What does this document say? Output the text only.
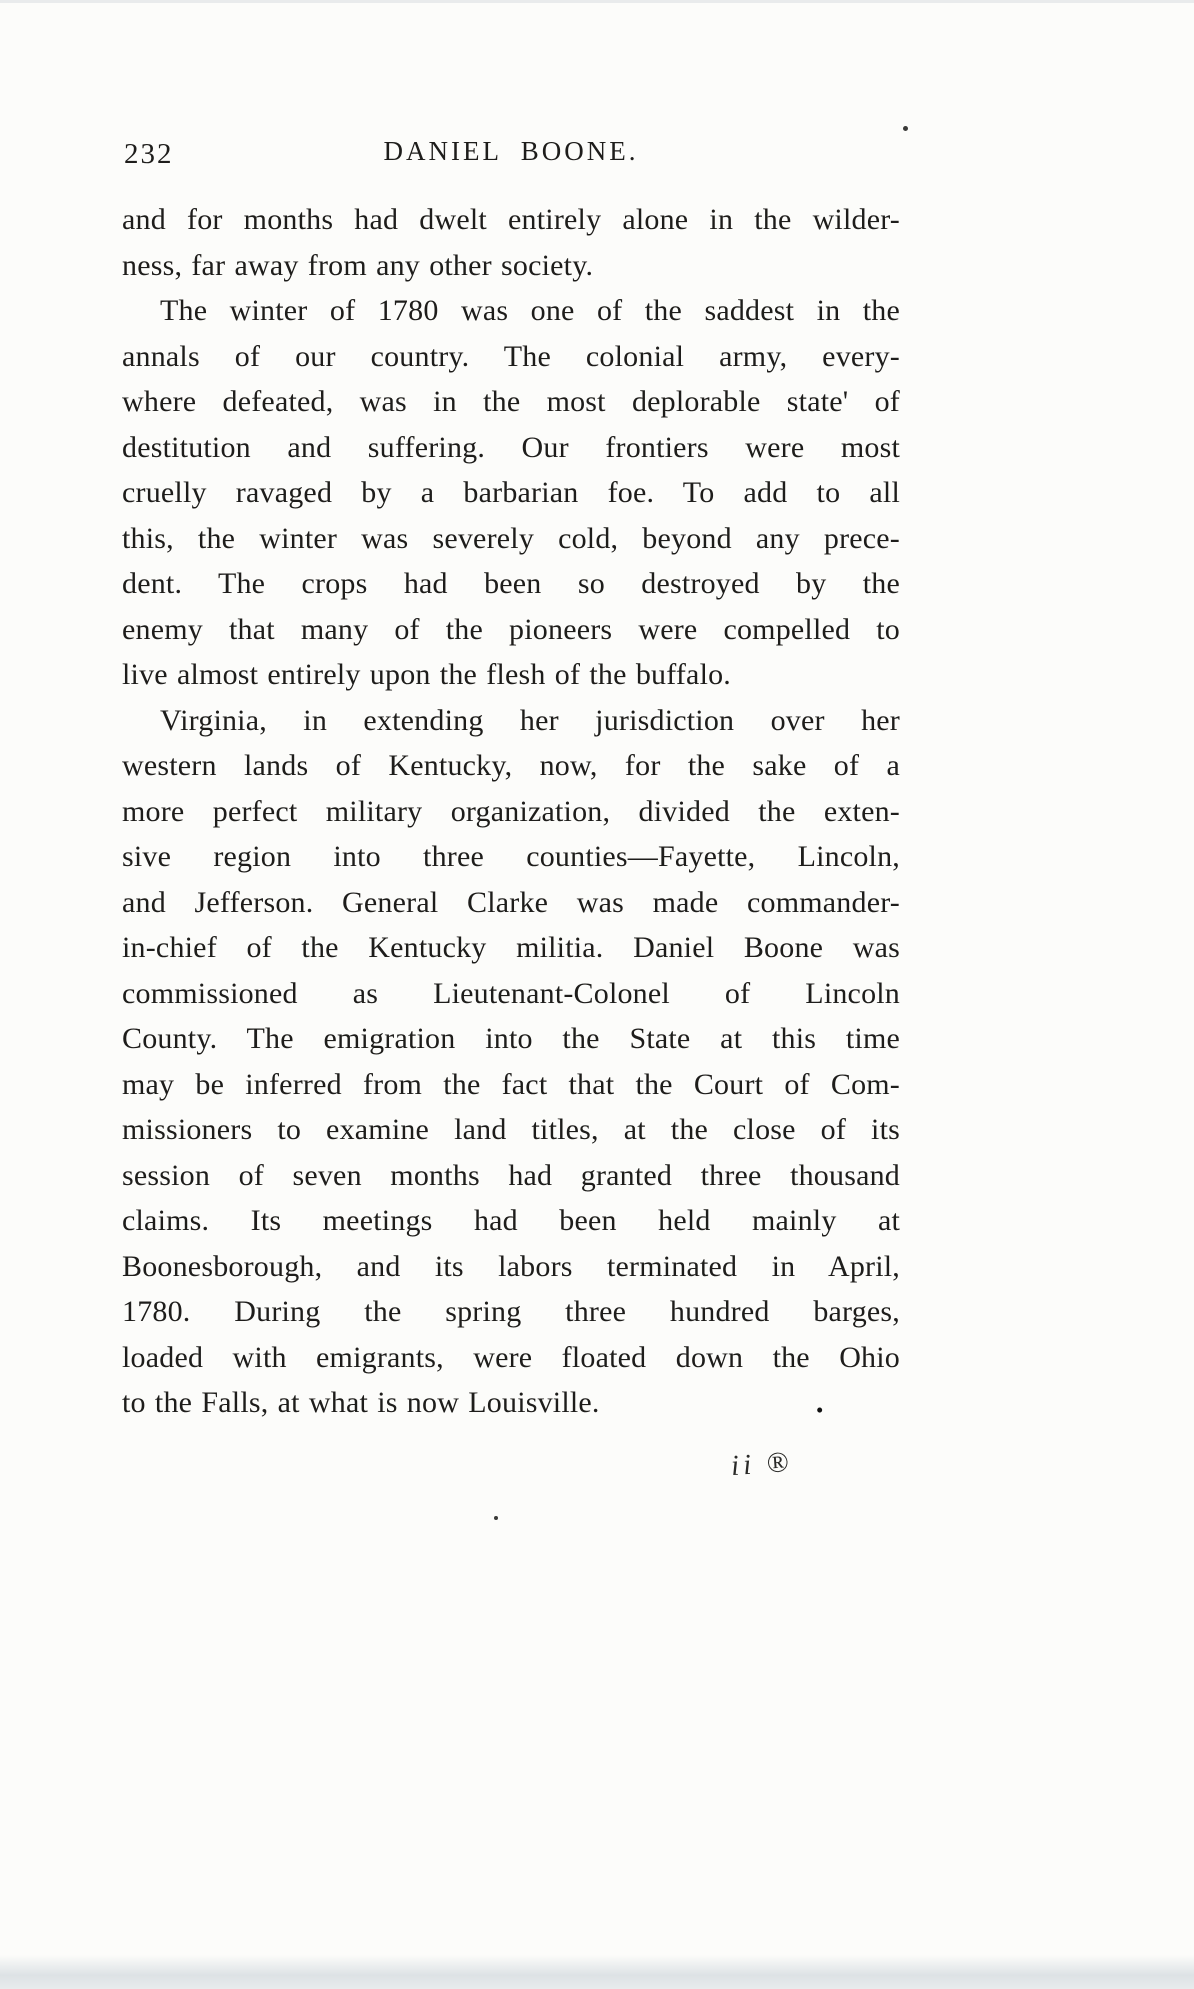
232	DANIEL BOONE.
and for months had dwelt entirely alone in the wilder-
ness, far away from any other society.
The winter of 1780 was one of the saddest in the
annals of our country. The colonial army, every-
where defeated, was in the most deplorable state' of
destitution and suffering. Our frontiers were most
cruelly ravaged by a barbarian foe. To add to all
this, the winter was severely cold, beyond any prece-
dent. The crops had been so destroyed by the
enemy that many of the pioneers were compelled to
live almost entirely upon the flesh of the buffalo.
Virginia, in extending her jurisdiction over her
western lands of Kentucky, now, for the sake of a
more perfect military organization, divided the exten-
sive region into three counties—Fayette, Lincoln,
and Jefferson. General Clarke was made commander-
in-chief of the Kentucky militia. Daniel Boone was
commissioned as Lieutenant-Colonel of Lincoln
County. The emigration into the State at this time
may be inferred from the fact that the Court of Com-
missioners to examine land titles, at the close of its
session of seven months had granted three thousand
claims. Its meetings had been held mainly at
Boonesborough, and its labors terminated in April,
1780. During the spring three hundred barges,
loaded with emigrants, were floated down the Ohio
to the Falls, at what is now Louisville.	•
ii ®
